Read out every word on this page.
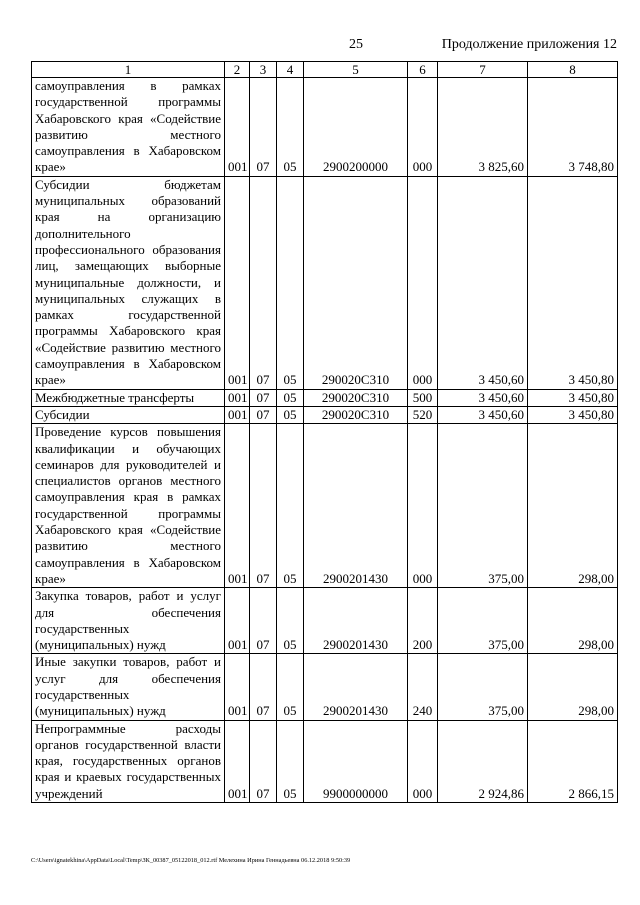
25	Продолжение приложения 12
1	2	3	4	5	6	7	8
самоуправления в рамках государственной программы Хабаровского края «Содействие развитию местного самоуправления в Хабаровском крае»	001	07	05	2900200000	000	3 825,60	3 748,80
Субсидии бюджетам муниципальных образований края на организацию дополнительного профессионального образования лиц, замещающих выборные муниципальные должности, и муниципальных служащих в рамках государственной программы Хабаровского края «Содействие развитию местного самоуправления в Хабаровском крае»	001	07	05	290020С310	000	3 450,60	3 450,80
Межбюджетные трансферты	001	07	05	290020С310	500	3 450,60	3 450,80
Субсидии	001	07	05	290020С310	520	3 450,60	3 450,80
Проведение курсов повышения квалификации и обучающих семинаров для руководителей и специалистов органов местного самоуправления края в рамках государственной программы Хабаровского края «Содействие развитию местного самоуправления в Хабаровском крае»	001	07	05	2900201430	000	375,00	298,00
Закупка товаров, работ и услуг для обеспечения государственных (муниципальных) нужд	001	07	05	2900201430	200	375,00	298,00
Иные закупки товаров, работ и услуг для обеспечения государственных (муниципальных) нужд	001	07	05	2900201430	240	375,00	298,00
Непрограммные расходы органов государственной власти края, государственных органов края и краевых государственных учреждений	001	07	05	9900000000	000	2 924,86	2 866,15
C:\Users\ignatekhina\AppData\Local\Temp\ЗК_00387_05122018_012.rtf Мелехина Ирина Геннадьевна 06.12.2018 9:50:39
